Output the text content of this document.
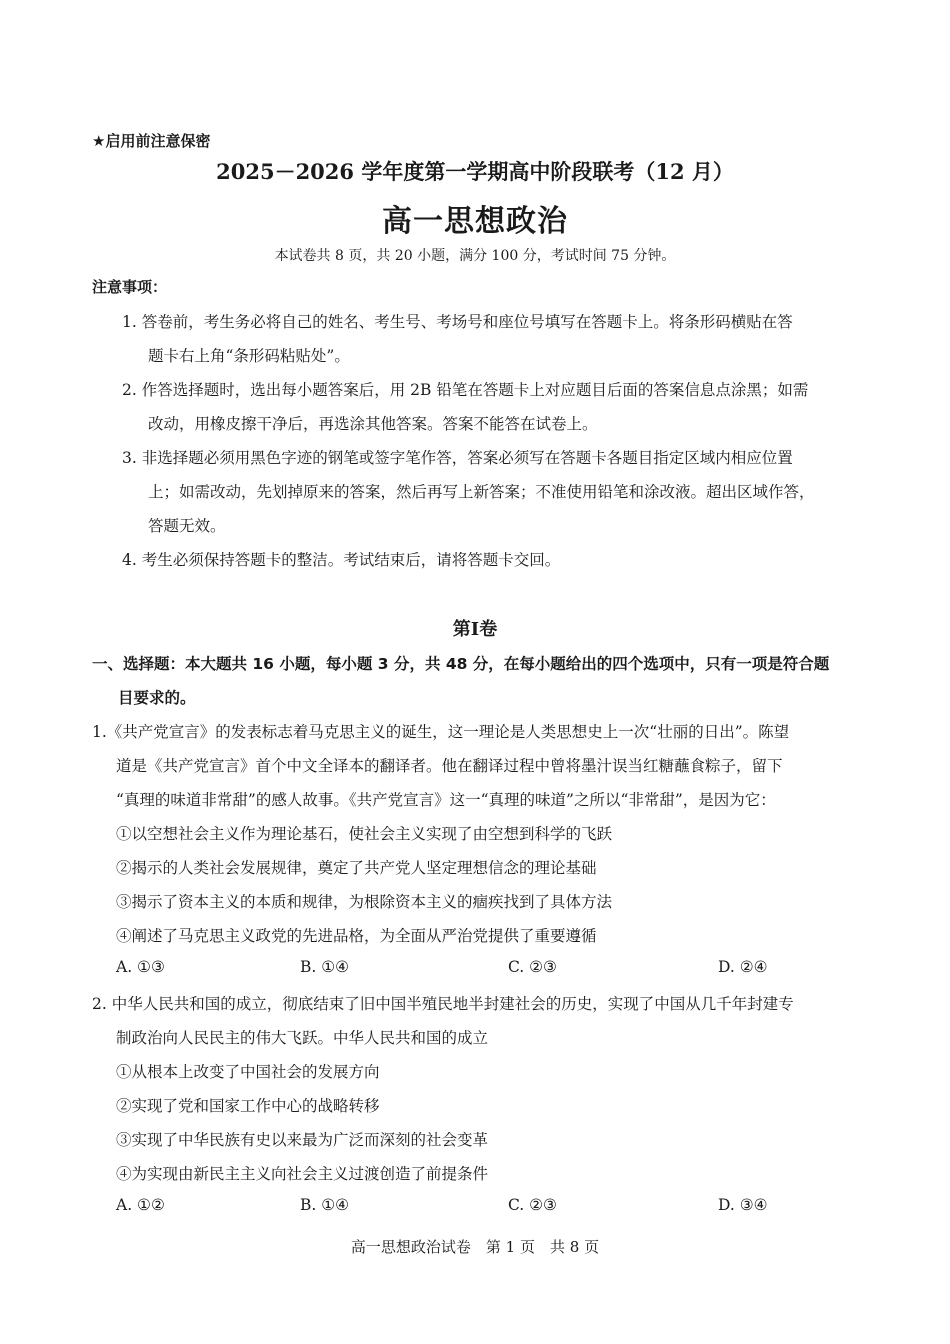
★启用前注意保密
2025－2026 学年度第一学期高中阶段联考（12 月）
高一思想政治
本试卷共 8 页，共 20 小题，满分 100 分，考试时间 75 分钟。
注意事项：
1. 答卷前，考生务必将自己的姓名、考生号、考场号和座位号填写在答题卡上。将条形码横贴在答
题卡右上角“条形码粘贴处”。
2. 作答选择题时，选出每小题答案后，用 2B 铅笔在答题卡上对应题目后面的答案信息点涂黑；如需
改动，用橡皮擦干净后，再选涂其他答案。答案不能答在试卷上。
3. 非选择题必须用黑色字迹的钢笔或签字笔作答，答案必须写在答题卡各题目指定区域内相应位置
上；如需改动，先划掉原来的答案，然后再写上新答案；不准使用铅笔和涂改液。超出区域作答，
答题无效。
4. 考生必须保持答题卡的整洁。考试结束后，请将答题卡交回。
第Ⅰ卷
一、选择题：本大题共 16 小题，每小题 3 分，共 48 分，在每小题给出的四个选项中，只有一项是符合题
目要求的。
1.《共产党宣言》的发表标志着马克思主义的诞生，这一理论是人类思想史上一次“壮丽的日出”。陈望
道是《共产党宣言》首个中文全译本的翻译者。他在翻译过程中曾将墨汁误当红糖蘸食粽子，留下
“真理的味道非常甜”的感人故事。《共产党宣言》这一“真理的味道”之所以“非常甜”，是因为它：
①以空想社会主义作为理论基石，使社会主义实现了由空想到科学的飞跃
②揭示的人类社会发展规律，奠定了共产党人坚定理想信念的理论基础
③揭示了资本主义的本质和规律，为根除资本主义的痼疾找到了具体方法
④阐述了马克思主义政党的先进品格，为全面从严治党提供了重要遵循
A. ①③	B. ①④	C. ②③	D. ②④
2. 中华人民共和国的成立，彻底结束了旧中国半殖民地半封建社会的历史，实现了中国从几千年封建专
制政治向人民民主的伟大飞跃。中华人民共和国的成立
①从根本上改变了中国社会的发展方向
②实现了党和国家工作中心的战略转移
③实现了中华民族有史以来最为广泛而深刻的社会变革
④为实现由新民主主义向社会主义过渡创造了前提条件
A. ①②	B. ①④	C. ②③	D. ③④
高一思想政治试卷　第 1 页　共 8 页
